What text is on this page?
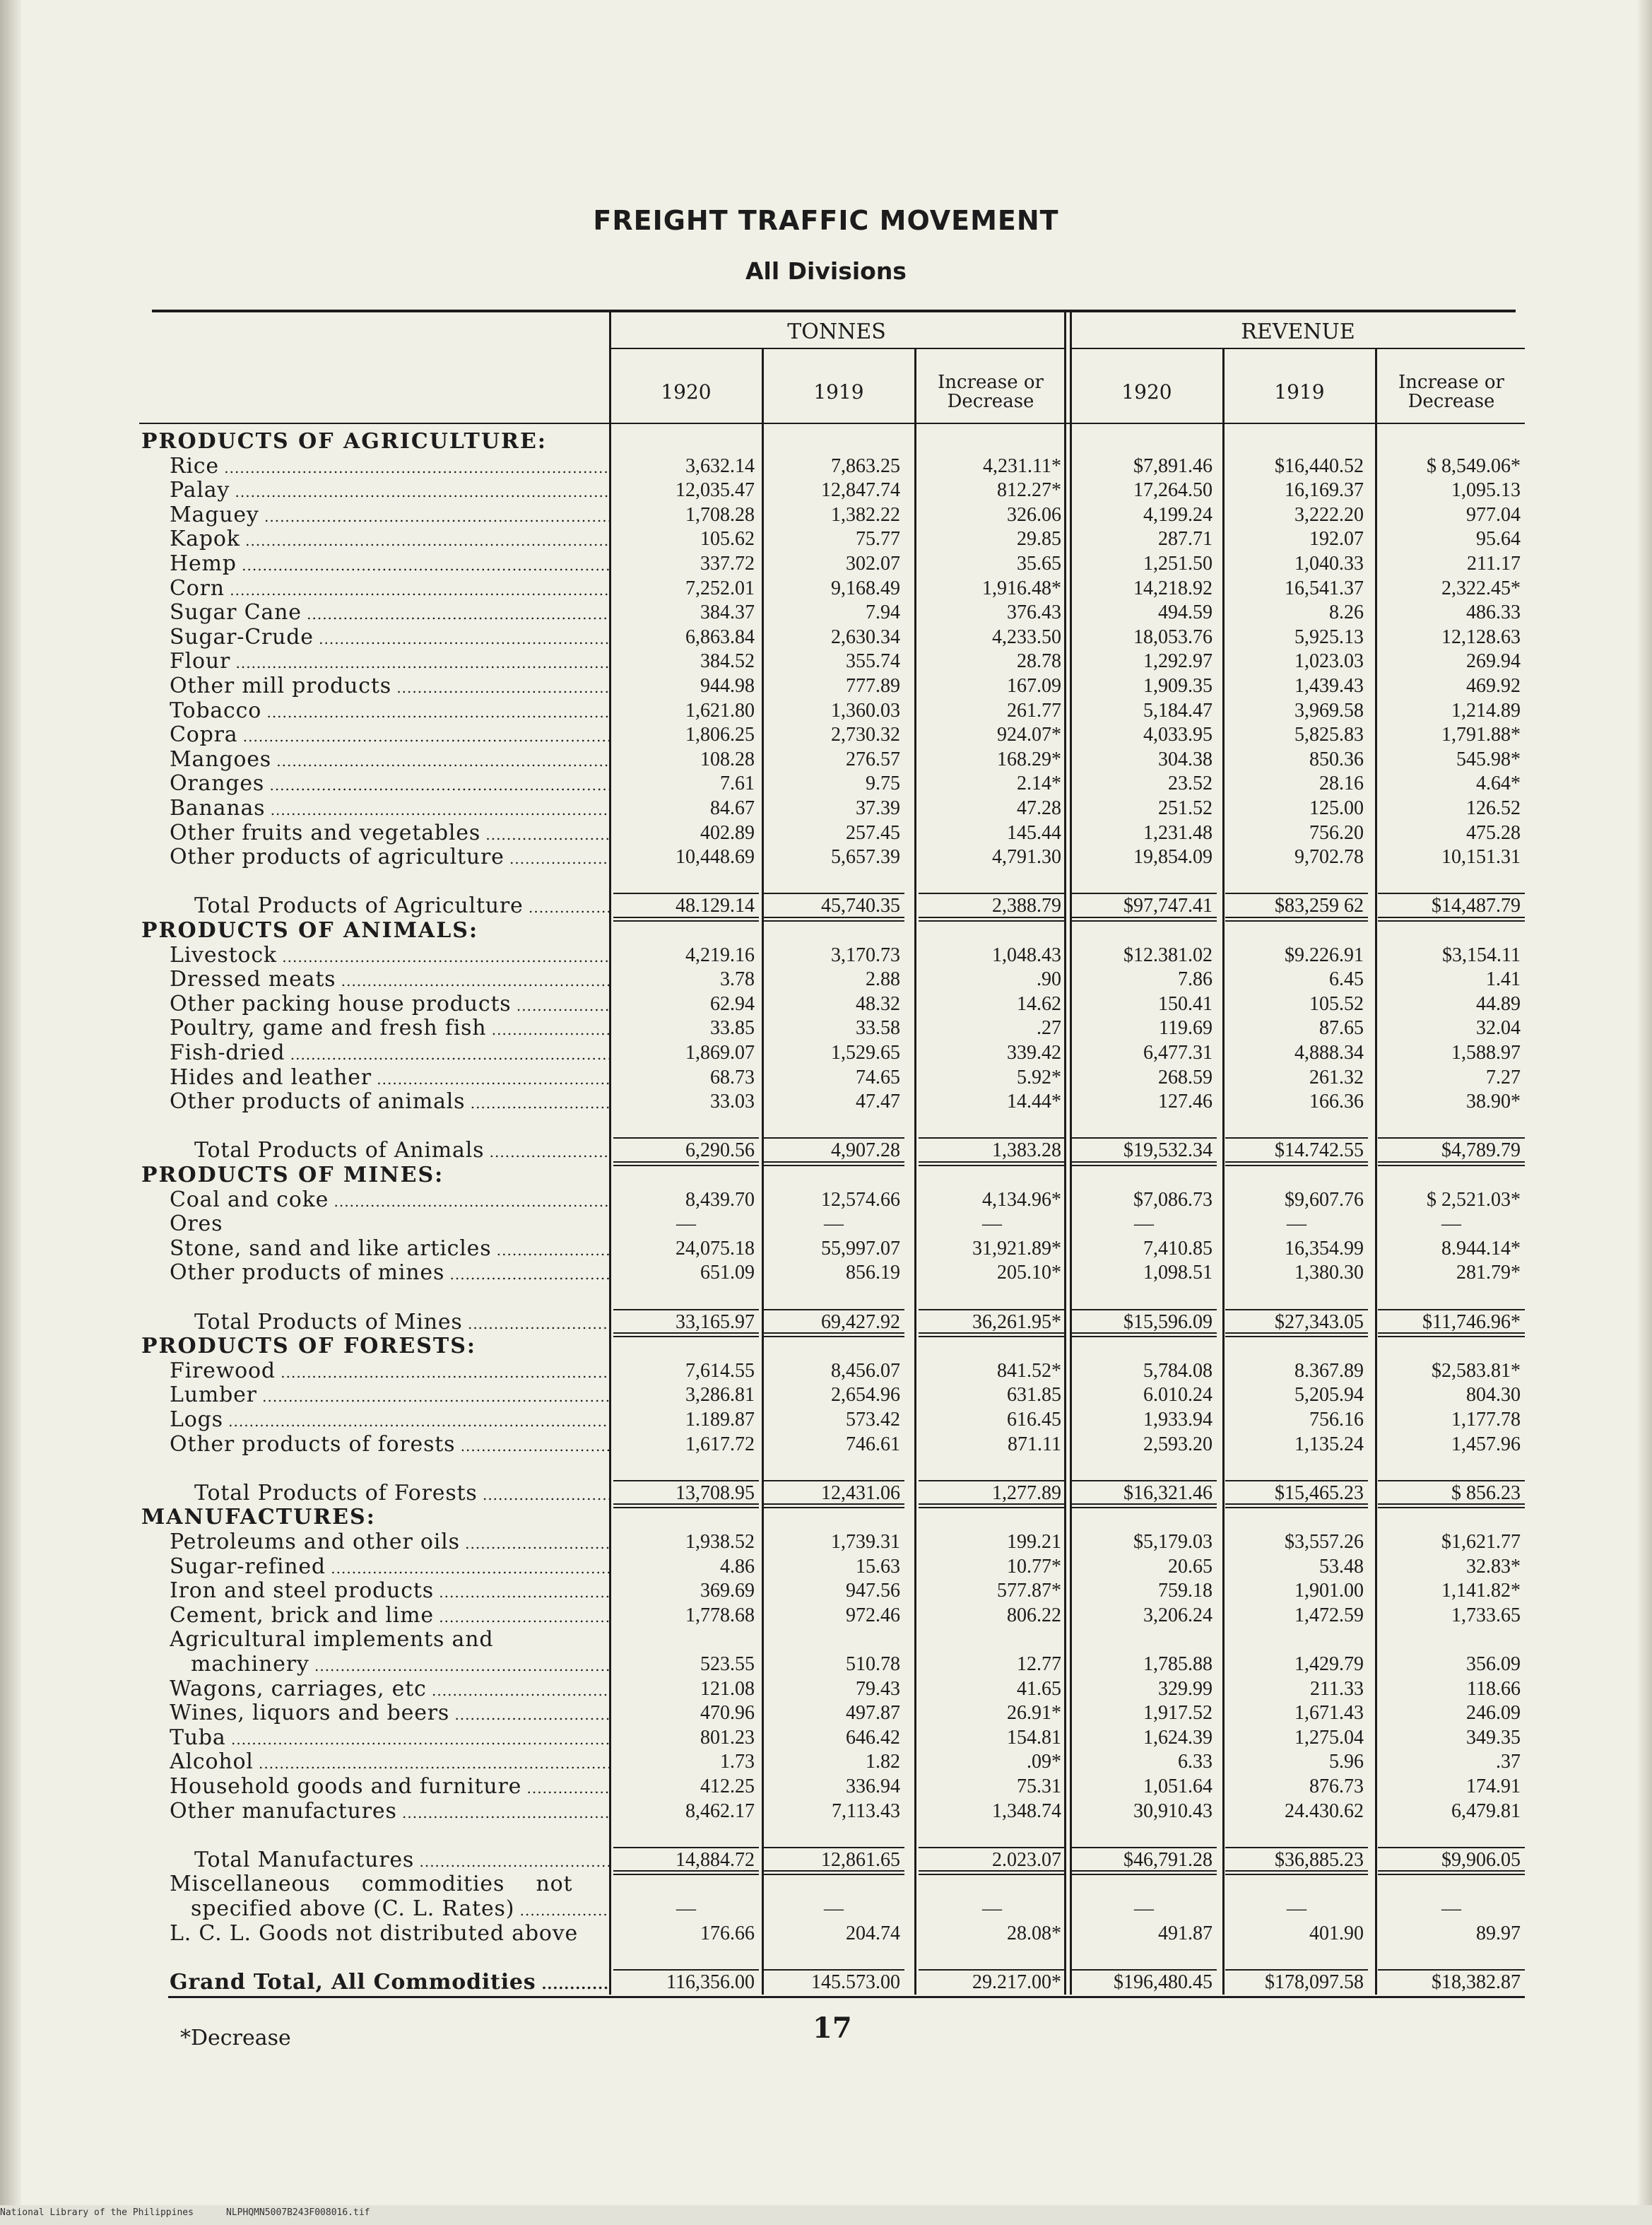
FREIGHT TRAFFIC MOVEMENT
All Divisions
TONNES	REVENUE
1920	1919	Increase or Decrease	1920	1919	Increase or Decrease
PRODUCTS OF AGRICULTURE:
Rice .....	3,632.14	7,863.25	4,231.11*	$7,891.46	$16,440.52	$ 8,549.06*
Palay .....	12,035.47	12,847.74	812.27*	17,264.50	16,169.37	1,095.13
Maguey .....	1,708.28	1,382.22	326.06	4,199.24	3,222.20	977.04
Kapok .....	105.62	75.77	29.85	287.71	192.07	95.64
Hemp .....	337.72	302.07	35.65	1,251.50	1,040.33	211.17
Corn .....	7,252.01	9,168.49	1,916.48*	14,218.92	16,541.37	2,322.45*
Sugar Cane .....	384.37	7.94	376.43	494.59	8.26	486.33
Sugar-Crude .....	6,863.84	2,630.34	4,233.50	18,053.76	5,925.13	12,128.63
Flour .....	384.52	355.74	28.78	1,292.97	1,023.03	269.94
Other mill products .....	944.98	777.89	167.09	1,909.35	1,439.43	469.92
Tobacco .....	1,621.80	1,360.03	261.77	5,184.47	3,969.58	1,214.89
Copra .....	1,806.25	2,730.32	924.07*	4,033.95	5,825.83	1,791.88*
Mangoes .....	108.28	276.57	168.29*	304.38	850.36	545.98*
Oranges .....	7.61	9.75	2.14*	23.52	28.16	4.64*
Bananas .....	84.67	37.39	47.28	251.52	125.00	126.52
Other fruits and vegetables .....	402.89	257.45	145.44	1,231.48	756.20	475.28
Other products of agriculture .....	10,448.69	5,657.39	4,791.30	19,854.09	9,702.78	10,151.31
Total Products of Agriculture .....	48.129.14	45,740.35	2,388.79	$97,747.41	$83,259 62	$14,487.79
PRODUCTS OF ANIMALS:
Livestock .....	4,219.16	3,170.73	1,048.43	$12.381.02	$9.226.91	$3,154.11
Dressed meats .....	3.78	2.88	.90	7.86	6.45	1.41
Other packing house products .....	62.94	48.32	14.62	150.41	105.52	44.89
Poultry, game and fresh fish .....	33.85	33.58	.27	119.69	87.65	32.04
Fish-dried .....	1,869.07	1,529.65	339.42	6,477.31	4,888.34	1,588.97
Hides and leather .....	68.73	74.65	5.92*	268.59	261.32	7.27
Other products of animals .....	33.03	47.47	14.44*	127.46	166.36	38.90*
Total Products of Animals .....	6,290.56	4,907.28	1,383.28	$19,532.34	$14.742.55	$4,789.79
PRODUCTS OF MINES:
Coal and coke .....	8,439.70	12,574.66	4,134.96*	$7,086.73	$9,607.76	$ 2,521.03*
Ores	—	—	—	—	—	—
Stone, sand and like articles .....	24,075.18	55,997.07	31,921.89*	7,410.85	16,354.99	8.944.14*
Other products of mines .....	651.09	856.19	205.10*	1,098.51	1,380.30	281.79*
Total Products of Mines .....	33,165.97	69,427.92	36,261.95*	$15,596.09	$27,343.05	$11,746.96*
PRODUCTS OF FORESTS:
Firewood .....	7,614.55	8,456.07	841.52*	5,784.08	8.367.89	$2,583.81*
Lumber .....	3,286.81	2,654.96	631.85	6.010.24	5,205.94	804.30
Logs .....	1.189.87	573.42	616.45	1,933.94	756.16	1,177.78
Other products of forests .....	1,617.72	746.61	871.11	2,593.20	1,135.24	1,457.96
Total Products of Forests .....	13,708.95	12,431.06	1,277.89	$16,321.46	$15,465.23	$ 856.23
MANUFACTURES:
Petroleums and other oils .....	1,938.52	1,739.31	199.21	$5,179.03	$3,557.26	$1,621.77
Sugar-refined .....	4.86	15.63	10.77*	20.65	53.48	32.83*
Iron and steel products .....	369.69	947.56	577.87*	759.18	1,901.00	1,141.82*
Cement, brick and lime .....	1,778.68	972.46	806.22	3,206.24	1,472.59	1,733.65
Agricultural implements and
machinery .....	523.55	510.78	12.77	1,785.88	1,429.79	356.09
Wagons, carriages, etc .....	121.08	79.43	41.65	329.99	211.33	118.66
Wines, liquors and beers .....	470.96	497.87	26.91*	1,917.52	1,671.43	246.09
Tuba .....	801.23	646.42	154.81	1,624.39	1,275.04	349.35
Alcohol .....	1.73	1.82	.09*	6.33	5.96	.37
Household goods and furniture .....	412.25	336.94	75.31	1,051.64	876.73	174.91
Other manufactures .....	8,462.17	7,113.43	1,348.74	30,910.43	24.430.62	6,479.81
Total Manufactures .....	14,884.72	12,861.65	2.023.07	$46,791.28	$36,885.23	$9,906.05
Miscellaneous commodities not
specified above (C. L. Rates) .....	—	—	—	—	—	—
L. C. L. Goods not distributed above	176.66	204.74	28.08*	491.87	401.90	89.97
Grand Total, All Commodities .....	116,356.00	145.573.00	29.217.00*	$196,480.45	$178,097.58	$18,382.87
*Decrease	17
National Library of the Philippines	NLPHQMN5007B243F008016.tif
